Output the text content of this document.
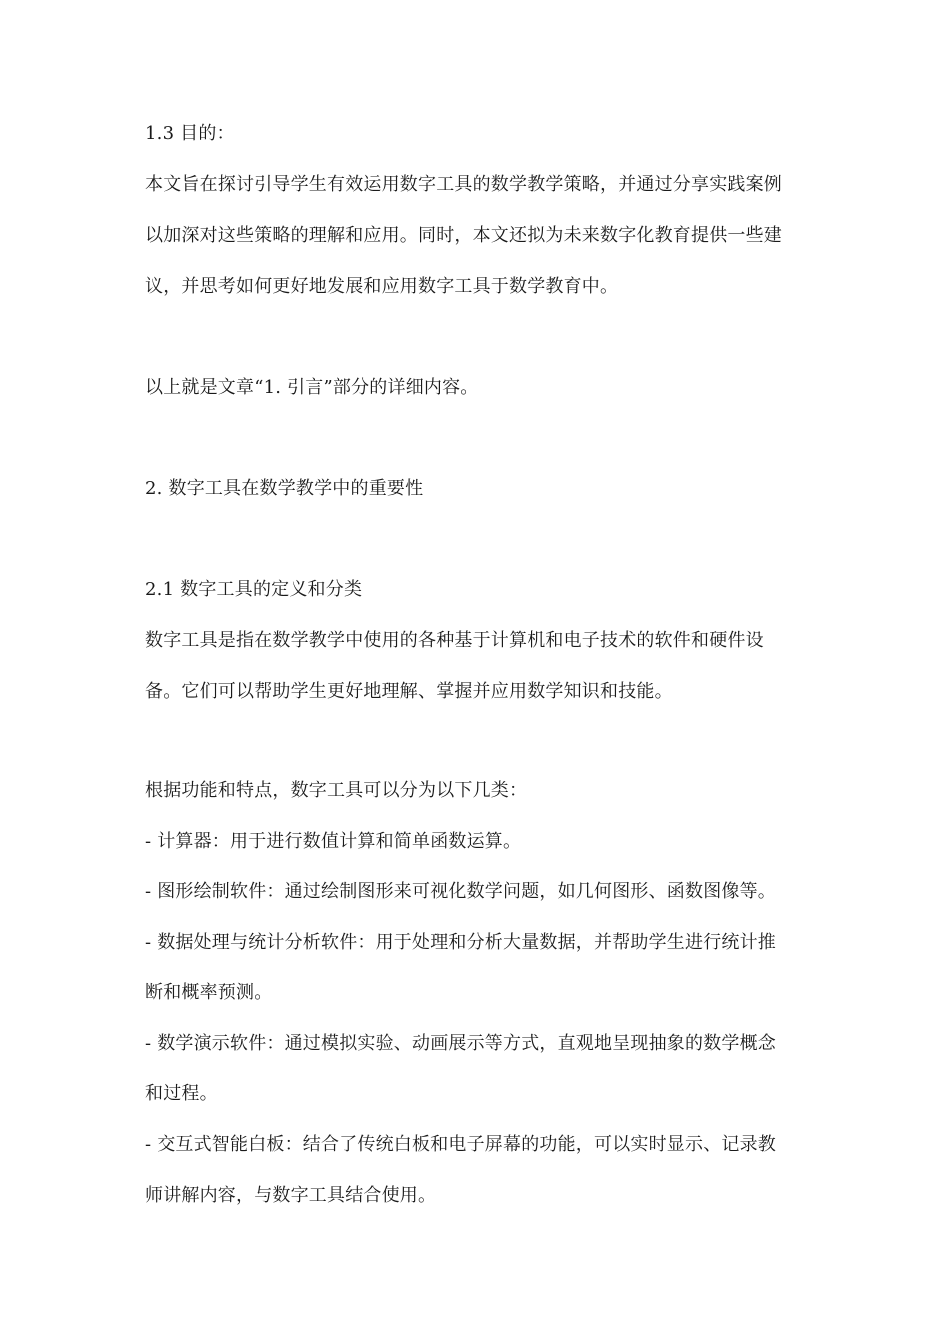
1.3 目的：
本文旨在探讨引导学生有效运用数字工具的数学教学策略，并通过分享实践案例
以加深对这些策略的理解和应用。同时，本文还拟为未来数字化教育提供一些建
议，并思考如何更好地发展和应用数字工具于数学教育中。
以上就是文章“1. 引言”部分的详细内容。
2. 数字工具在数学教学中的重要性
2.1 数字工具的定义和分类
数字工具是指在数学教学中使用的各种基于计算机和电子技术的软件和硬件设
备。它们可以帮助学生更好地理解、掌握并应用数学知识和技能。
根据功能和特点，数字工具可以分为以下几类：
- 计算器：用于进行数值计算和简单函数运算。
- 图形绘制软件：通过绘制图形来可视化数学问题，如几何图形、函数图像等。
- 数据处理与统计分析软件：用于处理和分析大量数据，并帮助学生进行统计推
断和概率预测。
- 数学演示软件：通过模拟实验、动画展示等方式，直观地呈现抽象的数学概念
和过程。
- 交互式智能白板：结合了传统白板和电子屏幕的功能，可以实时显示、记录教
师讲解内容，与数字工具结合使用。
